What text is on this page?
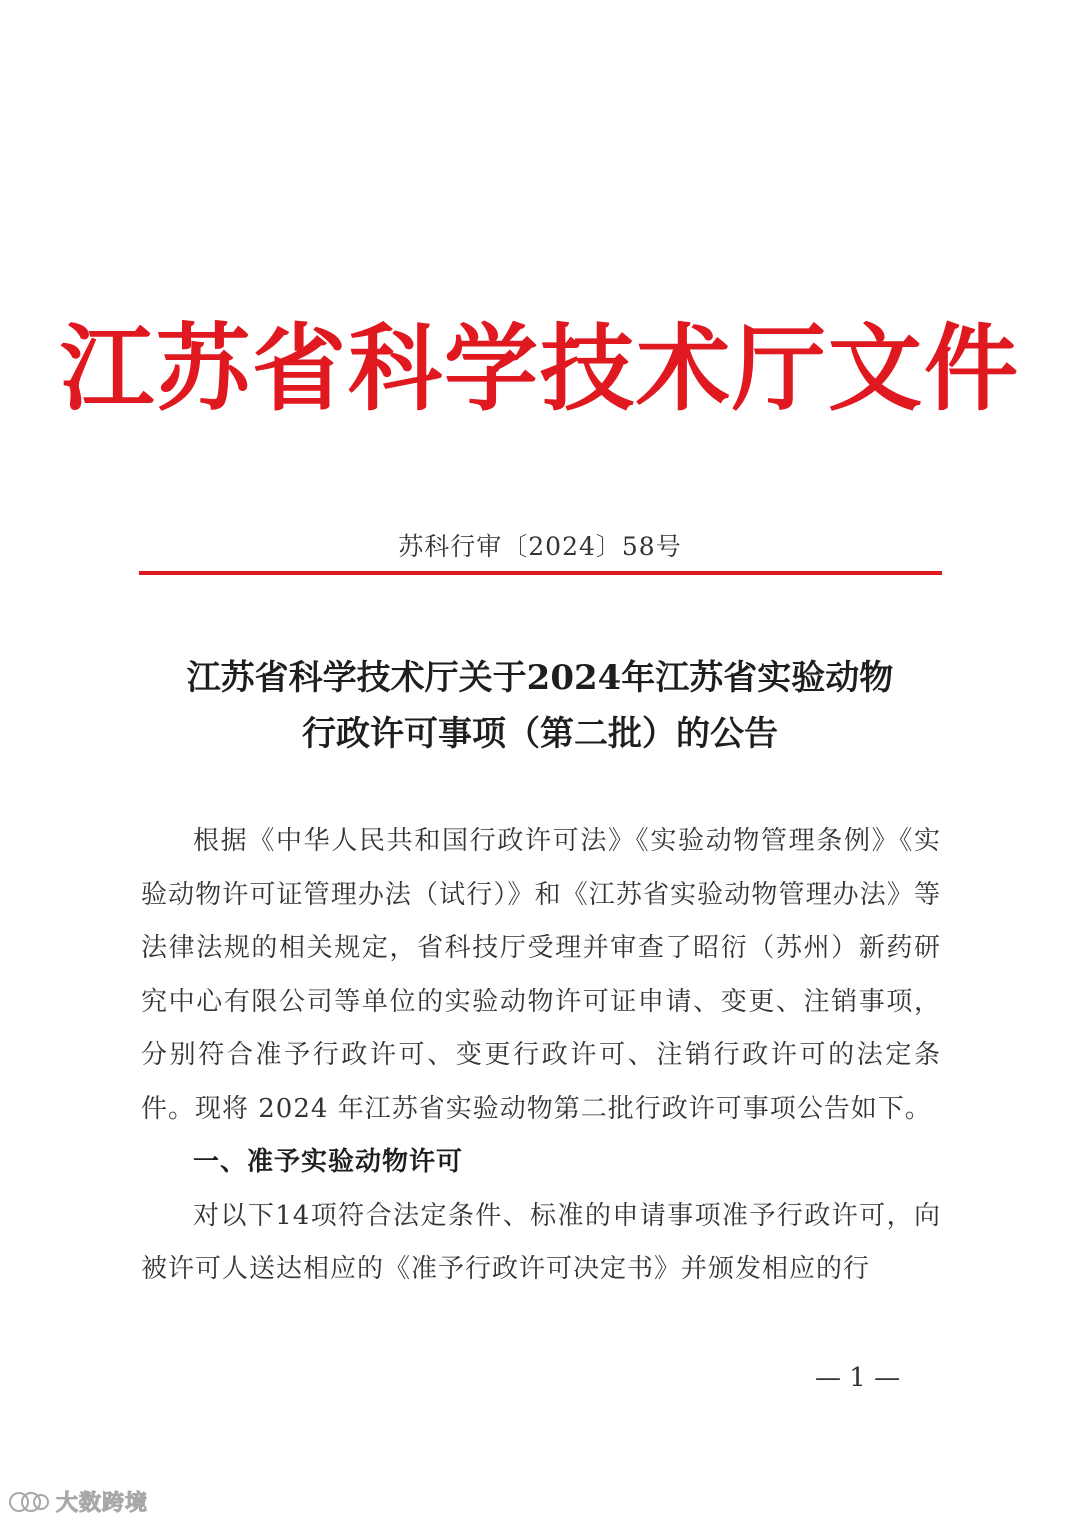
江苏省科学技术厅文件
苏科行审〔2024〕58号
江苏省科学技术厅关于2024年江苏省实验动物
行政许可事项（第二批）的公告

根据《中华人民共和国行政许可法》《实验动物管理条例》《实验动物许可证管理办法（试行）》和《江苏省实验动物管理办法》等法律法规的相关规定，省科技厅受理并审查了昭衍（苏州）新药研究中心有限公司等单位的实验动物许可证申请、变更、注销事项，分别符合准予行政许可、变更行政许可、注销行政许可的法定条件。现将 2024 年江苏省实验动物第二批行政许可事项公告如下。

一、准予实验动物许可

对以下14项符合法定条件、标准的申请事项准予行政许可，向被许可人送达相应的《准予行政许可决定书》并颁发相应的行

— 1 —
大数跨境
